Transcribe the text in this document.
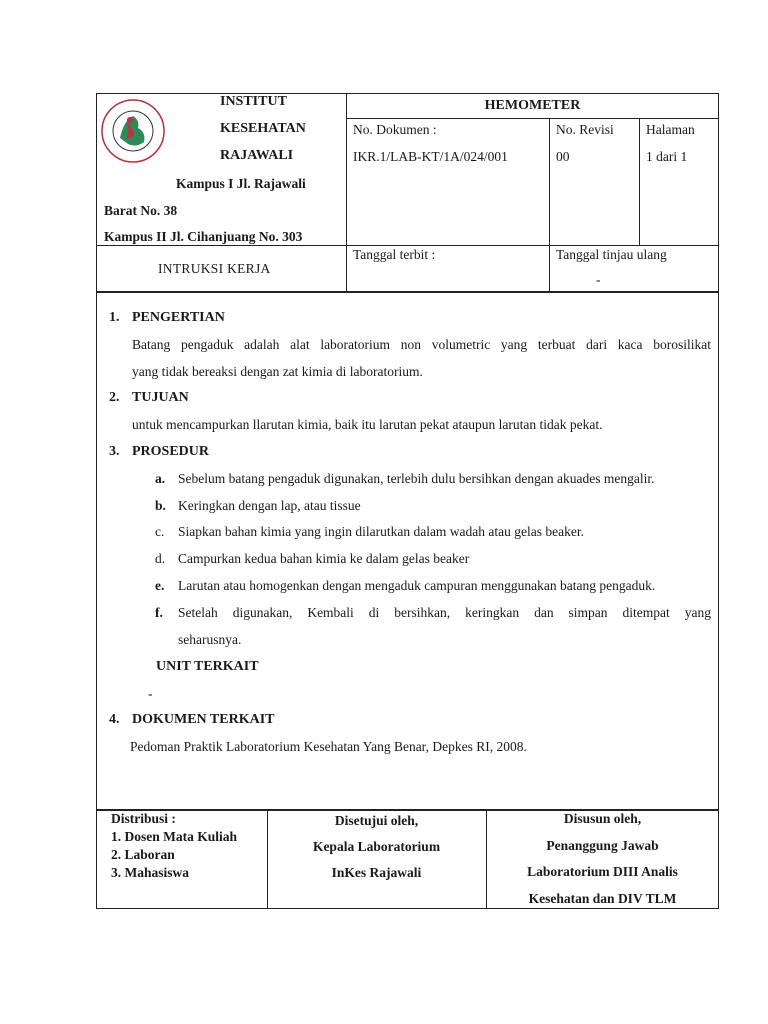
INSTITUT
KESEHATAN
RAJAWALI
Kampus I Jl. Rajawali
Barat No. 38
Kampus II Jl. Cihanjuang No. 303
INTRUKSI KERJA
HEMOMETER
No. Dokumen :
IKR.1/LAB-KT/1A/024/001
No. Revisi
00
Halaman
1 dari 1
Tanggal terbit :	Tanggal tinjau ulang
-
1. PENGERTIAN
Batang pengaduk adalah alat laboratorium non volumetric yang terbuat dari kaca borosilikat
yang tidak bereaksi dengan zat kimia di laboratorium.
2. TUJUAN
untuk mencampurkan llarutan kimia, baik itu larutan pekat ataupun larutan tidak pekat.
3. PROSEDUR
a. Sebelum batang pengaduk digunakan, terlebih dulu bersihkan dengan akuades mengalir.
b. Keringkan dengan lap, atau tissue
c. Siapkan bahan kimia yang ingin dilarutkan dalam wadah atau gelas beaker.
d. Campurkan kedua bahan kimia ke dalam gelas beaker
e. Larutan atau homogenkan dengan mengaduk campuran menggunakan batang pengaduk.
f. Setelah digunakan, Kembali di bersihkan, keringkan dan simpan ditempat yang
seharusnya.
UNIT TERKAIT
-
4. DOKUMEN TERKAIT
Pedoman Praktik Laboratorium Kesehatan Yang Benar, Depkes RI, 2008.
Distribusi :
1. Dosen Mata Kuliah
2. Laboran
3. Mahasiswa
Disetujui oleh,
Kepala Laboratorium
InKes Rajawali
Disusun oleh,
Penanggung Jawab
Laboratorium DIII Analis
Kesehatan dan DIV TLM
